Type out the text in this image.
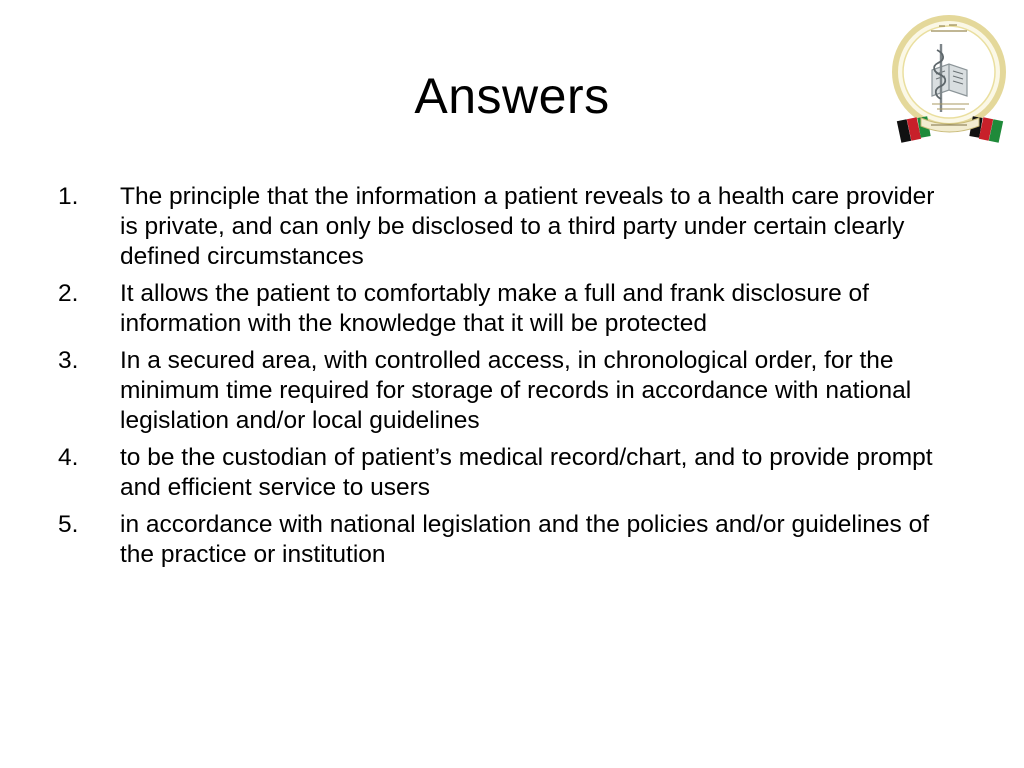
Answers
1.	The principle that the information a patient reveals to a health care provider is private, and can only be disclosed to a third party under certain clearly defined circumstances
2.	It allows the patient to comfortably make a full and frank disclosure of information with the knowledge that it will be protected
3.	In a secured area, with controlled access, in chronological order, for the minimum time required for storage of records in accordance with national legislation and/or local guidelines
4.	to be the custodian of patient’s medical record/chart, and to provide prompt and efficient service to users
5.	in accordance with national legislation and the policies and/or guidelines of the practice or institution
